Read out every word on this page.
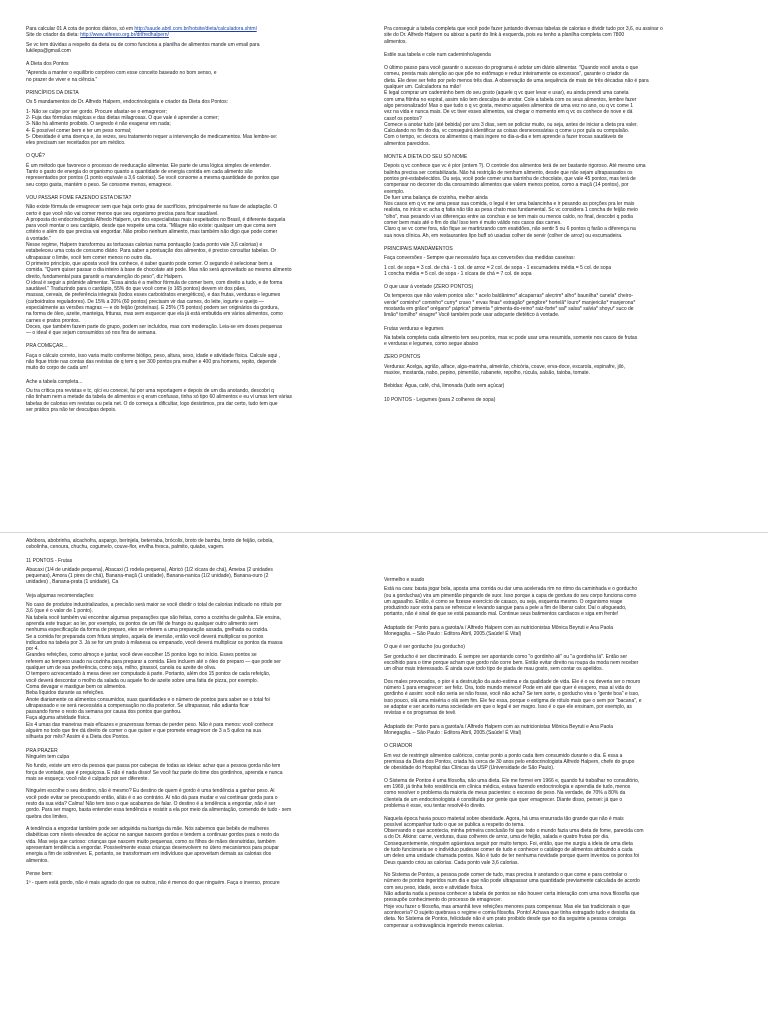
Para calcular 01 A cota de pontos diários, só em http://saude.abril.com.br/hotsite/dieta/calculadora.shtml
Site do criador da dieta: http://www.alfeeso.org.br/drlfredhalpern/

Se vc tem dúvidas a respeito da dieta ou de como funciona a planilha de alimentos mande um email para
lukilepa@gmail.com

A Dieta dos Pontos

"Aprenda a manter o equilíbrio corpóreo com esse conceito baseado no bom senso, e
no prazer de viver e na ciência."

PRINCÍPIOS DA DIETA

Os 5 mandamentos do Dr. Alfredo Halpern, endocrinologista e criador da Dieta dos Pontos:

1- Não se culpe por ser gordo. Procure afastar-se o emagrecer;
2- Fuja das fórmulas mágicas e das dietas milagrosas. O que vale é aprender a comer;
3- Não há alimento proibido. O segredo é não exagerar em nada;
4- É possível comer bem e ter um peso normal;
5- Obesidade é uma doença e, às vezes, seu tratamento requer a intervenção de medicamentos. Mas lembre-se:
eles precisam ser receitados por um médico.

O QUÊ?

É um método que favorece o processo de reeducação alimentar. Ele parte de uma lógica simples de entender.
Tanto o gasto de energia do organismo quanto a quantidade de energia contida em cada alimento são
representados por pontos (1 ponto equivale a 3,6 calorias). Se você consome a mesma quantidade de pontos que
seu corpo gasta, mantém o peso. Se consome menos, emagrece.

VOU PASSAR FOME FAZENDO ESTA DIETA?

Não existe fórmula de emagrecer sem que haja certo grau de sacrifícios, principalmente na fase de adaptação. O
certo é que você não vai comer menos que seu organismo precisa para ficar saudável.
A proposta do endocrinologista Alfredo Halpern, um dos especialistas mais respeitados no Brasil, é diferente daquela
para você montar o seu cardápio, desde que respeite uma cota. "Milagre não existe: qualquer um que coma sem
critério e além do que precisa vai engordar. Não proibo nenhum alimento, mas também não digo que pode comer
à vontade."
Nesse regime, Halpern transformou as tortuosas calorias numa pontuação (cada ponto vale 3,6 calorias) e
estabeleceu uma cota de consumo diário. Para saber a pontuação dos alimentos, é preciso consultar tabelas. Or
ultrapassar o limite, você tem comer menos no outro dia.
O primeiro princípio, que aposta você tira conhece, é saber quanto pode comer. O segundo é selecionar bem a
comida. "Quem quiser passar o dia inteiro à base de chocolate até pode. Mas não será aproveitado ao mesmo alimento
direito, fundamental para garantir a manutenção do peso", diz Halpern.
O ideal é seguir a pirâmide alimentar. "Essa ainda é a melhor fórmula de comer bem, com direito a tudo, e de forma
saudável." Traduzindo para o cardápio, 55% do que você come (o 165 pontos) devem vir dos pães,
massas, cereais, de preferência integrais (todos esses carboidratos energéticos), e das frutas, verduras e legumes
(carboidratos reguladores). De 15% a 20% (60 pontos) precisam vir das carnes, do leite, iogurte e queijo —
especialmente as versões magras — e do feijão (proteínas). E 25% (75 pontos) podem ser originários da gordura,
na forma de óleo, azeite, manteiga, frituras, mas sem esquecer que ela já está embutida em vários alimentos, como
carnes e pratos prontos.
Doces, que também fazem parte do grupo, podem ser incluídos, mas com moderação. Leia-se em doses pequenas
— o ideal é que sejam consumidos só nos fins de semana.

PRA COMEÇAR...

Faça o cálculo correto, isso varia muito conforme biótipo, peso, altura, sexo, idade e atividade física. Calcule aqui ,
não fique triste nas contas das revistas de q tem q ser 300 pontos pra mulher e 400 pra homens, repito, depende
muito do corpo de cada um!

Ache a tabela completa...

Ou tra crítica pra revistas e tc, q/ci eu conecei, fui por uma reportagem e depois de um dia anotando, descobri q
não tinham nem a metade da tabela de alimentos e q eram confusas, tinha só tipo 60 alimentos e eu vi umas tem várias
tabelas de calorias em revistas ou pela net. O do começa a dificultar, logo desistimos, pra dar certo, tudo tem que
ser prático pra não ter desculpas depois.

Pra conseguir a tabela completa que você pode fazer juntando diversas tabelas de calorias e dividir tudo por 3,6, ou assinar o
site do Dr. Alfredo Halpern ou abixar a partir do link à esquerda, pois eu tenho a planilha completa com 7800
alimentos.

Estile sua tabela e cole num caderninho/agenda

O último passo para você garantir o sucesso do programa é adotar um diário alimentar. "Quando você anota o que
comeu, presta mais atenção ao que põe no estômago e reduz inteiramente os excessos", garante o criador da
dieta. Ele deve ser feito por pelo menos três dias. A observação de uma sequência de mais de três décadas não é para
qualquer um. Calculadora na mão!
É legal comprar um caderninho bem do seu gosto (aquele q vc quer levar e usar), eu ainda prendi uma caneta
com uma fitinha no espiral, assim não tem desculpa de anotar. Cole a tabela com os seus alimentos, lembre fazer
algo personalizado! Mas o que tudo o q vc gosta, mesmo aqueles alimentos de uma vez no ano, ou q vc come 1
vez na vida e nunca mais. De vc tiver esses alimentos, vai chegar o momento em q vc os conhece de nove e dá
casof os pontos?
Comece a anotar tudo (até bebida) por uns 3 dias, sem se policiar muito, ou seja, antes de iniciar a dieta pra valer.
Calculando no fim do dia, vc conseguirá identificar as coisas desnecessárias q come u por gula ou compulsão.
Com o tempo, vc decora os alimentos q mais ingere no dia-a-dia e tem aprende a fazer trocas saudáveis de
alimentos parecidos.

MONTE A DIETA DO SEU SÓ NOME

Depois q vc conhece que vc é pior (ontem ?). O controle dos alimentos terá de ser bastante rigoroso. Até mesmo uma
balinha precisa ser contabilizada. Não há restrição de nenhum alimento, desde que não sejam ultrapassados os
pontos pré-estabelecidos. Ou seja, você pode comer uma barrinha de chocolate, que vale 45 pontos, mas terá de
compensar no decorrer do dia consumindo alimentos que valem menos pontos, como a maçã (14 pontos), por
exemplo.
De fuer uma balança de cozinha, melhor ainda
Nos casos em q vc me ama pesar sua comida, o legal é ter uma balancinha e ir pesando as porções pra ler mais
realista, no início vc acha q fatia não tão as pesa chato mas fundamental. Sc vc considera 1 concha de feijão meio
"olho", mas pesando vi as diferenças entre as conchas e se tem mais ou menos caldo, no final, descobri q podia
comer bem mais até o fim do dia! Isso tem é muito válido nos casos das carnes.
Claro q se vc come fora, não fique se martirizando com exatidões, não sentir 5 ou 6 pontos q farão a diferença na
sua nova clínica. Ah, em restaurantes lipo buff só usadas colher de servir (colher de arroz) ou escumadeira.

PRINCIPAIS MANDAMENTOS

Faça conversões - Sempre que necessário faça as conversões das medidas caseiras:

1 col. de sopa = 3 col. de chá - 1 col. de arroz = 2 col. de sopa - 1 escumadeira média = 5 col. de sopa
1 concha média = 5 col. de sopa - 1 xícara de chá = 7 col. de sopa

O que usar à vontade (ZERO PONTOS)

Os temperos que não valem pontos são: * acelo baldânimo* alcaparras* alecrim* alho* baunilha* canela* cheiro-
verde* cominho* cominho* curry* cravo * ervas finas* estragão* gengibre* hortelã* louro* manjericão* manjerona*
mostarda em grãos* orégano* páprica* pimenta * pimenta-do-reino* raiz-forte* sal* salsa* salvia* shoyu* suco de
limão* tomilho* vinagre* Você também pode usar adoçante dietético à vontade.

Frutas verduras e legumes

Na tabela completa cada alimento tem seu pontos, mas vc pode usar uma resumida, somente nos casos de frutas
e verduras e legumes, como segue abaixo

ZERO PONTOS

Verduras: Acelga, agrião, alface, alga-marinha, almeirão, chicória, couve, erva-doce, escarola, espinafre, jiló,
maxixe, mostarda, nabo, pepino, pimentão, rabanete, repolho, rúcula, salsão, taioba, tomate.

Bebidas: Água, café, chá, limonada (tudo sem açúcar)

10 PONTOS - Legumes (para 2 colheres de sopa)

Abóbora, abobrinha, alcachofra, aspargo, berinjela, beterraba, brócolis, broto de bambu, broto de feijão, cebola,
cebolinha, cenoura, chuchu, cogumelo, couve-flor, ervilha fresca, palmito, quiabo, vagem.

11 PONTOS - Frutas

Abacaxi (1/4 de unidade pequena), Abacaxi (1 rodela pequena), Abricó (1/2 xícara de chá), Ameixa (2 unidades
pequenas), Amora (1 pires de chá), Banana-maçã (1 unidade), Banana-nanica (1/2 unidade), Banana-ouro (2
unidades) , Banana-prata (1 unidade), Ca

Veja algumas recomendações:

No caso de produtos industrializados, a precisão será maior se você dividir o total de calorias indicado no rótulo por
3,6 (que é o valor de 1 ponto).
Na tabela você também vai encontrar algumas preparações que são feitas, como a cozinha de galinha. Ele ensina,
aprenda este truque: ao ler, por exemplo, os pontos de um filé de frango ou qualquer outro alimento sem
nenhuma especificação da forma de preparo, eles se referem a uma preparação assada, grelhada ou cozida.
Se a comida for preparada com fritura simples, aquela de imersão, então você deverá multiplicar os pontos
indicados na tabela por 3. Já se for um prato à milanesa ou empanado, você deverá multiplicar os pontos da massa
por 4.
Grandes refeições, como almoço e jantar, você deve escolher 15 pontos logo no início. Esses pontos se
referem ao tempero usado na cozinha para preparar a comida. Eles incluem até o óleo do preparo — que pode ser
qualquer um de sua preferência, como soja, milho, girassol, canola ou azeite de oliva.
O tempero acrescentado à mesa deve ser computado à parte. Portanto, além dos 15 pontos de cada refeição,
você deverá descontar o molho da salada ou aquele fio de azeite sobre uma fatia de pizza, por exemplo.
Coma devagar e mastigue bem os alimentos.
Beba líquidos durante as refeições.
Anote diariamente os alimentos consumidos, suas quantidades e o número de pontos para saber se o total foi
ultrapassado e se será necessária a compensação no dia posterior. Se ultrapassar, não adianta ficar
passando fome o resto da semana por causa dos pontos que ganhou.
Faça alguma atividade física.
Eis 4 umas das maneiras mais eficazes e prazerosas formas de perder peso. Não é para menos: você conhece
alguém no todo que tire dá direito de comer o que quiser e que promete emagrecer de 3 a 5 quilos na sua
silhueta por mês? Assim é a Dieta dos Pontos.

PRA PRAZER
Ninguém tem culpa

No fundo, existe um erro da pessoa que passa por cabeças de todas as ideias: achar que a pessoa gorda não tem
força de vontade, que é preguiçosa. E não é nada disso! Se você faz parte do time dos gordinhos, aprenda e nunca
mais se esqueça: você não é culpado por ser diferente.

Ninguém escolhe o seu destino, não é mesmo? Eu destino de quem é gordo é uma tendência a ganhar peso. Ai
você pode evitar se preocupando então, aliás é o ao contrário. Aí não dá para mudar e vai continuar gorda para o
resto da sua vida? Calma! Não tem isso o que acabamos de falar. O destino é a tendência a engordar, não é ser
gordo. Para ser magro, basta entender essa tendência e resistir a ela por meio da alimentação, comendo de tudo - sem
quebra dos limites.

A tendência a engordar também pode ser adquirida na barriga da mãe. Nós sabemos que bebês de mulheres
diabéticas com níveis elevados de açúcar no sangue nascem gordos e tendem a continuar gordos para o resto da
vida. Mas veja que curioso: crianças que nascem muito pequenas, como os filhos de mães desnutridas, também
apresentam tendência a engordar. Possivelmente essas crianças desenvolvem no útero mecanismos para poupar
energia a fim de sobreviver. E, portanto, se transformam em indivíduos que aproveitam demais as calorias dos
alimentos.

Pense bem:

1º - quem está gordo, não é mais agrado do que os outros, não é menos do que ninguém. Faça o inverso, procure

Vermelho e suado

Está na cara: basta jogar bola, aposta uma corrida ou dar uma acelerada rim no ritmo da caminhada e o gorducho
(ou a gorduchas) vira um pimentão pingando de suor. Isso porque a capa de gordura do seu corpo funciona como
um agasalho. Então, é como se fizesse exercício de casaco, ou seja, esquenta mesmo. O organismo reage
produzindo suor extra para se refrescar e levando sangue para a pele a fim de liberar calor. Daí o afogueado,
portanto, não é sinal de que se está passando mal. Continue seus batimentos cardíacos e siga em frente!

Adaptado de: Ponto para a garota/a / Alfredo Halpern com as nutricionistas Mônica Beyruti e Ana Paola
Monegaglia. – São Paulo : Editora Abril, 2005.(Saúde! É Vital)

O que é ser gorducho (ou gorducho)

Ser gorducho é ser discriminado. É sempre ser apontando como "o gordinho ali" ou "a gordinha lá". Então ser
escolhido para o time porque acham que gordo não corre bem. Então evitar direito na roupa da moda nem receber
um olhar mais interessado. É ainda ouvir todo tipo de piada de mau gosto, sem contar os apelidos.

Dos males provocados, o pior é a destruição da auto-estima e da qualidade de vida. Ele é o ou deveria ser o mouro
número 1 para emagrecer: ser feliz. Ora, todo mundo merece! Pode em até que quer é exagero, mas ai vida do
gordinho é assim: você não seria se não fosse, você não acha? Se tem sorte, o gorducho vira o "gente boa" e isso,
isso pouco, olá uma miséria o olá sem fim. Ele fez essa, porque o estigma de rótulo mais que o sem por "bacana", e
se adaptar e ser aceito numa sociedade em que o legal é ser magro. Isso é o que ele ensinam, por exemplo, as
revistas e os programas de tevê.

Adaptado de: Ponto para a garota/a / Alfredo Halpern com as nutricionistas Mônica Beyruti e Ana Paola
Monegaglia. – São Paulo : Editora Abril, 2005.(Saúde! É Vital)

O CRIADOR

Em vez de restringir alimentos calóricos, contar ponto a ponto cada item consumido durante o dia. É essa a
premissa da Dieta dos Pontos, criada há cerca de 30 anos pelo endocrinologista Alfredo Halpern, chefe do grupo
de obesidade do Hospital das Clínicas da USP (Universidade de São Paulo).

O Sistema de Pontos é uma filosofia, não uma dieta. Ele me formei em 1966 e, quando fui trabalhar no consultório,
em 1969, já tinha feito residência em clínica médica, estava fazendo endocrinologia e aprendia de tudo, menos
como resolver o problema da maioria de meus pacientes: o excesso de peso. Na verdade, de 70% a 80% da
clientela de um endocrinologista é constituída por gente que quer emagrecer. Diante disso, pensei: já que o
problema é esse, vou tentar resolvê-lo direito.

Naquela época havia pouco material sobre obesidade. Agora, há uma enxurrada tão grande que não é mais
possível acompanhar tudo o que se publica a respeito do tema.
Observando o que acontecia, minha primeira conclusão foi que todo o mundo fazia uma dieta de fome, parecida com
a do Dr. Atkins: carne, verduras, duas colheres de arroz, uma de feijão, salada e quatro frutas por dia.
Consequentemente, ninguém agüentava seguir por muito tempo. Foi, então, que me surgiu a ideia de uma dieta
de tudo funcionaria se o indivíduo pudesse comer de tudo e conhecer o catálogo de alimentos atribuindo a cada
um deles uma unidade chamada pontos. Não é tudo de ter nenhuma novidade porque quem inventou os pontos foi
Deus quando criou as calorias. Cada ponto vale 3,6 calorias.

No Sistema de Pontos, a pessoa pode comer de tudo, mas precisa ir anotando o que come e para controlar o
número de pontos ingeridos num dia e que não pode ultrapassar uma quantidade previamente calculada de acordo
com seu peso, idade, sexo e atividade física.
Não adianta nada a pessoa conhecer a tabela de pontos se não houver certa interação com uma nova filosofia que
pressupõe conhecimento do processo de emagrecer.
Hoje vou fazer o filosofia, mas amanhã teve refeições menores para compensar. Mas ele tas tradicionais o que
aconteceria? O sujeito quebrava o regime e comia filosofia. Ponto! Achava que tinha estragado tudo e desistia da
dieta. No Sistema de Pontos, felicidade não é um prato proibido desde que no dia seguinte a pessoa consiga
compensar a extravagância ingerindo menos calorias.
